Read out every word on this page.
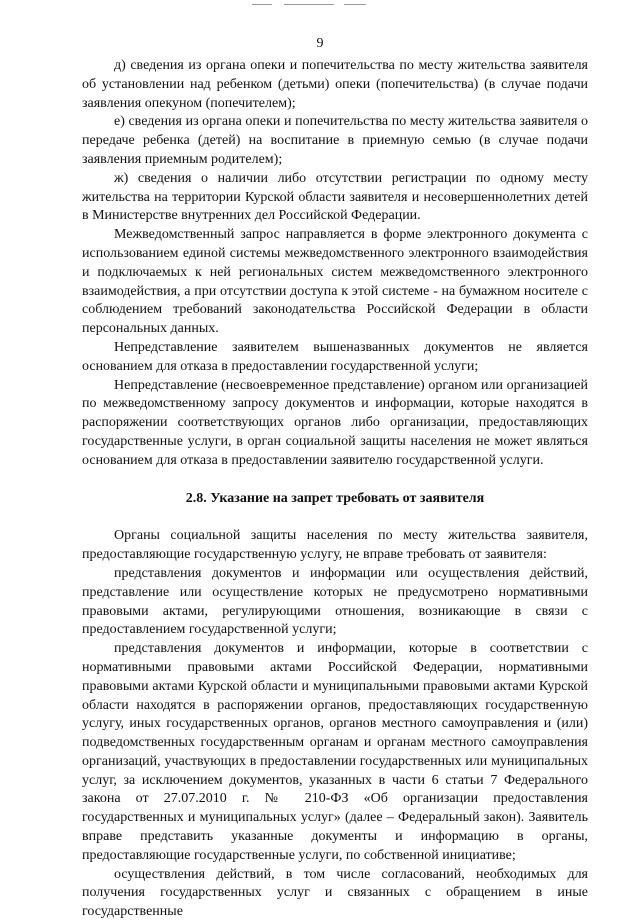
9

д) сведения из органа опеки и попечительства по месту жительства заявителя об установлении над ребенком (детьми) опеки (попечительства) (в случае подачи заявления опекуном (попечителем);

е) сведения из органа опеки и попечительства по месту жительства заявителя о передаче ребенка (детей) на воспитание в приемную семью (в случае подачи заявления приемным родителем);

ж) сведения о наличии либо отсутствии регистрации по одному месту жительства на территории Курской области заявителя и несовершеннолетних детей в Министерстве внутренних дел Российской Федерации.

Межведомственный запрос направляется в форме электронного документа с использованием единой системы межведомственного электронного взаимодействия и подключаемых к ней региональных систем межведомственного электронного взаимодействия, а при отсутствии доступа к этой системе - на бумажном носителе с соблюдением требований законодательства Российской Федерации в области персональных данных.

Непредставление заявителем вышеназванных документов не является основанием для отказа в предоставлении государственной услуги;

Непредставление (несвоевременное представление) органом или организацией по межведомственному запросу документов и информации, которые находятся в распоряжении соответствующих органов либо организации, предоставляющих государственные услуги, в орган социальной защиты населения не может являться основанием для отказа в предоставлении заявителю государственной услуги.

2.8. Указание на запрет требовать от заявителя

Органы социальной защиты населения по месту жительства заявителя, предоставляющие государственную услугу, не вправе требовать от заявителя:

представления документов и информации или осуществления действий, представление или осуществление которых не предусмотрено нормативными правовыми актами, регулирующими отношения, возникающие в связи с предоставлением государственной услуги;

представления документов и информации, которые в соответствии с нормативными правовыми актами Российской Федерации, нормативными правовыми актами Курской области и муниципальными правовыми актами Курской области находятся в распоряжении органов, предоставляющих государственную услугу, иных государственных органов, органов местного самоуправления и (или) подведомственных государственным органам и органам местного самоуправления организаций, участвующих в предоставлении государственных или муниципальных услуг, за исключением документов, указанных в части 6 статьи 7 Федерального закона от 27.07.2010 г. № 210-ФЗ «Об организации предоставления государственных и муниципальных услуг» (далее – Федеральный закон). Заявитель вправе представить указанные документы и информацию в органы, предоставляющие государственные услуги, по собственной инициативе;

осуществления действий, в том числе согласований, необходимых для получения государственных услуг и связанных с обращением в иные государственные
